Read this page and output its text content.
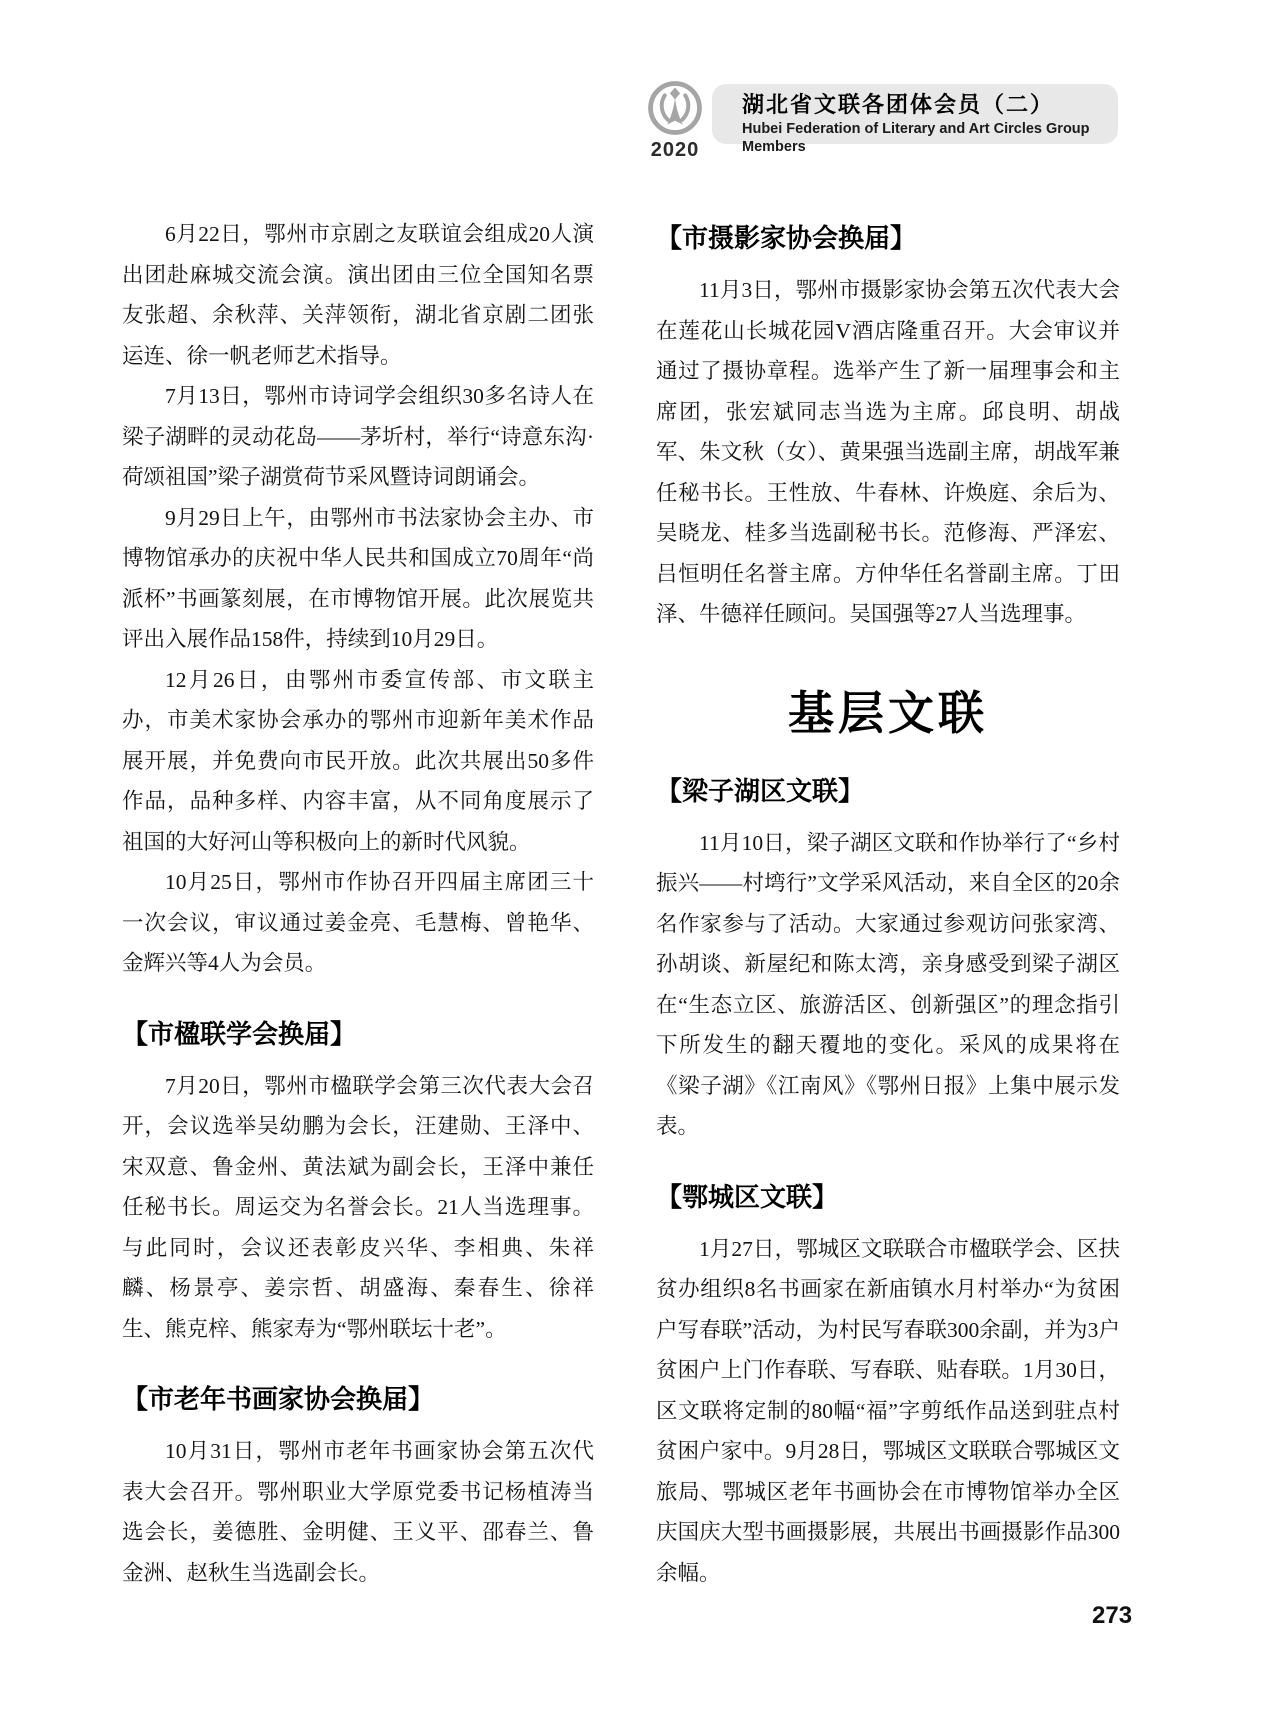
2020
湖北省文联各团体会员（二）
Hubei Federation of Literary and Art Circles Group Members

6月22日，鄂州市京剧之友联谊会组成20人演出团赴麻城交流会演。演出团由三位全国知名票友张超、余秋萍、关萍领衔，湖北省京剧二团张运连、徐一帆老师艺术指导。

7月13日，鄂州市诗词学会组织30多名诗人在梁子湖畔的灵动花岛——茅圻村，举行“诗意东沟·荷颂祖国”梁子湖赏荷节采风暨诗词朗诵会。

9月29日上午，由鄂州市书法家协会主办、市博物馆承办的庆祝中华人民共和国成立70周年“尚派杯”书画篆刻展，在市博物馆开展。此次展览共评出入展作品158件，持续到10月29日。

12月26日，由鄂州市委宣传部、市文联主办，市美术家协会承办的鄂州市迎新年美术作品展开展，并免费向市民开放。此次共展出50多件作品，品种多样、内容丰富，从不同角度展示了祖国的大好河山等积极向上的新时代风貌。

10月25日，鄂州市作协召开四届主席团三十一次会议，审议通过姜金亮、毛慧梅、曾艳华、金辉兴等4人为会员。

【市楹联学会换届】

7月20日，鄂州市楹联学会第三次代表大会召开，会议选举吴幼鹏为会长，汪建勋、王泽中、宋双意、鲁金州、黄法斌为副会长，王泽中兼任任秘书长。周运交为名誉会长。21人当选理事。与此同时，会议还表彰皮兴华、李相典、朱祥麟、杨景亭、姜宗哲、胡盛海、秦春生、徐祥生、熊克梓、熊家寿为“鄂州联坛十老”。

【市老年书画家协会换届】

10月31日，鄂州市老年书画家协会第五次代表大会召开。鄂州职业大学原党委书记杨植涛当选会长，姜德胜、金明健、王义平、邵春兰、鲁金洲、赵秋生当选副会长。

【市摄影家协会换届】

11月3日，鄂州市摄影家协会第五次代表大会在莲花山长城花园V酒店隆重召开。大会审议并通过了摄协章程。选举产生了新一届理事会和主席团，张宏斌同志当选为主席。邱良明、胡战军、朱文秋（女）、黄果强当选副主席，胡战军兼任秘书长。王性放、牛春林、许焕庭、余后为、吴晓龙、桂多当选副秘书长。范修海、严泽宏、吕恒明任名誉主席。方仲华任名誉副主席。丁田泽、牛德祥任顾问。吴国强等27人当选理事。

基层文联
【梁子湖区文联】

11月10日，梁子湖区文联和作协举行了“乡村振兴——村塆行”文学采风活动，来自全区的20余名作家参与了活动。大家通过参观访问张家湾、孙胡谈、新屋纪和陈太湾，亲身感受到梁子湖区在“生态立区、旅游活区、创新强区”的理念指引下所发生的翻天覆地的变化。采风的成果将在《梁子湖》《江南风》《鄂州日报》上集中展示发表。

【鄂城区文联】

1月27日，鄂城区文联联合市楹联学会、区扶贫办组织8名书画家在新庙镇水月村举办“为贫困户写春联”活动，为村民写春联300余副，并为3户贫困户上门作春联、写春联、贴春联。1月30日，区文联将定制的80幅“福”字剪纸作品送到驻点村贫困户家中。9月28日，鄂城区文联联合鄂城区文旅局、鄂城区老年书画协会在市博物馆举办全区庆国庆大型书画摄影展，共展出书画摄影作品300余幅。

273
